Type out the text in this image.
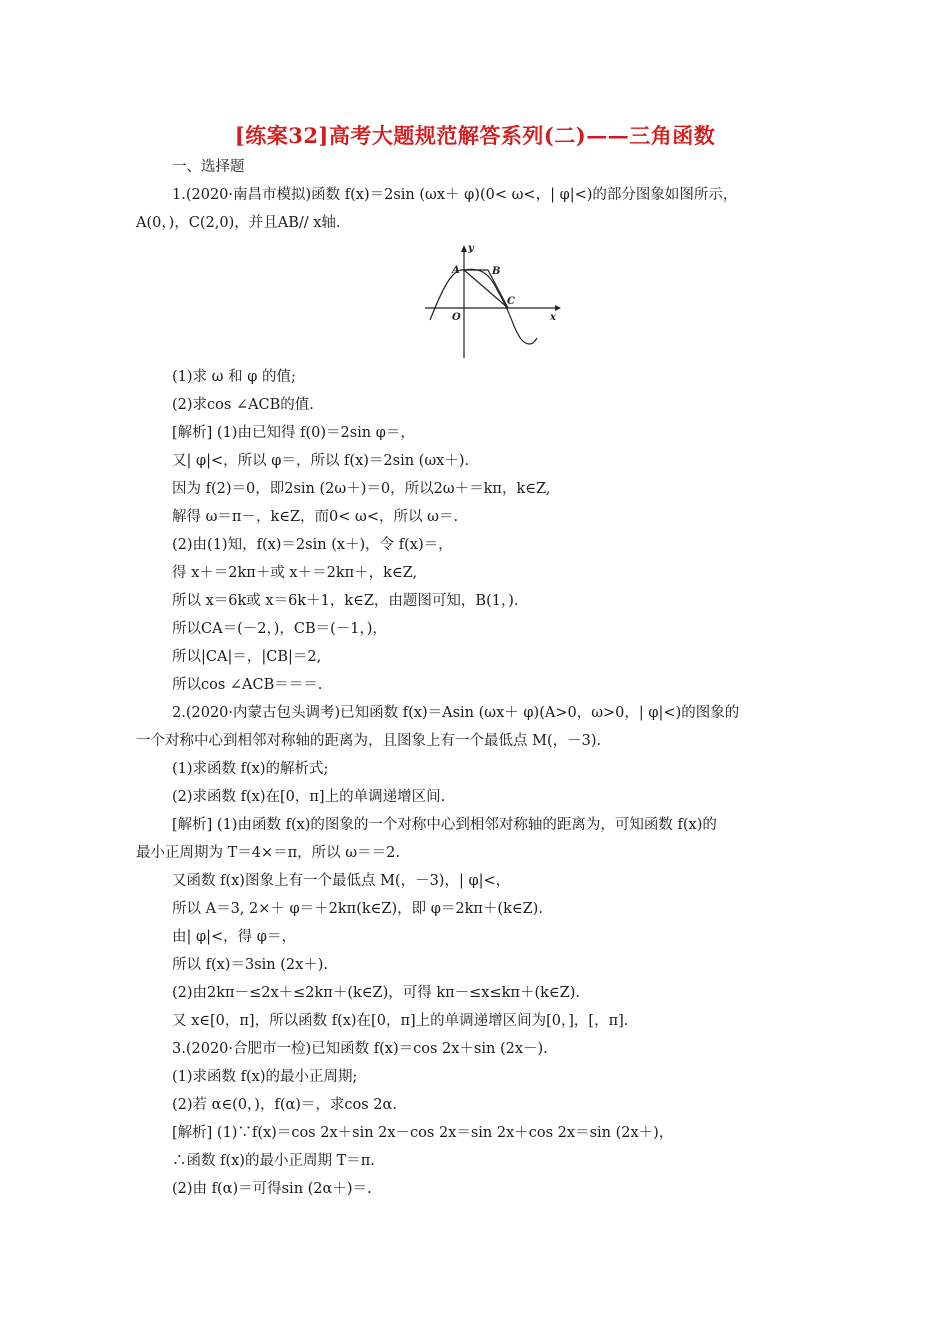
[练案32]高考大题规范解答系列(二)——三角函数
一、选择题
1.(2020·南昌市模拟)函数 f(x)＝2sin (ωx＋ φ)(0< ω<，| φ|<)的部分图象如图所示，
A(0，)，C(2,0)，并且AB// x轴.
y
x
O
A	B
C
(1)求 ω 和 φ 的值;
(2)求cos ∠ACB的值.
[解析] (1)由已知得 f(0)＝2sin φ＝，
又| φ|<，所以 φ＝，所以 f(x)＝2sin (ωx＋).
因为 f(2)＝0，即2sin (2ω＋)＝0，所以2ω＋＝kπ，k∈Z,
解得 ω＝π－，k∈Z，而0< ω<，所以 ω＝.
(2)由(1)知，f(x)＝2sin (x＋)，令 f(x)＝，
得 x＋＝2kπ＋或 x＋＝2kπ＋，k∈Z,
所以 x＝6k或 x＝6k＋1，k∈Z，由题图可知，B(1，).
所以CA＝(－2，)，CB＝(－1，)，
所以|CA|＝，|CB|＝2,
所以cos ∠ACB＝＝＝.
2.(2020·内蒙古包头调考)已知函数 f(x)＝Asin (ωx＋ φ)(A>0，ω>0，| φ|<)的图象的
一个对称中心到相邻对称轴的距离为，且图象上有一个最低点 M(，－3).
(1)求函数 f(x)的解析式;
(2)求函数 f(x)在[0，π]上的单调递增区间.
[解析] (1)由函数 f(x)的图象的一个对称中心到相邻对称轴的距离为，可知函数 f(x)的
最小正周期为 T＝4×＝π，所以 ω＝＝2.
又函数 f(x)图象上有一个最低点 M(，－3)，| φ|<，
所以 A＝3, 2×＋ φ＝＋2kπ(k∈Z)，即 φ＝2kπ＋(k∈Z).
由| φ|<，得 φ＝，
所以 f(x)＝3sin (2x＋).
(2)由2kπ－≤2x＋≤2kπ＋(k∈Z)，可得 kπ－≤x≤kπ＋(k∈Z).
又 x∈[0，π]，所以函数 f(x)在[0，π]上的单调递增区间为[0，]，[，π].
3.(2020·合肥市一检)已知函数 f(x)＝cos 2x＋sin (2x－).
(1)求函数 f(x)的最小正周期;
(2)若 α∈(0，)，f(α)＝，求cos 2α.
[解析] (1)∵f(x)＝cos 2x＋sin 2x－cos 2x＝sin 2x＋cos 2x＝sin (2x＋)，
∴函数 f(x)的最小正周期 T＝π.
(2)由 f(α)＝可得sin (2α＋)＝.
